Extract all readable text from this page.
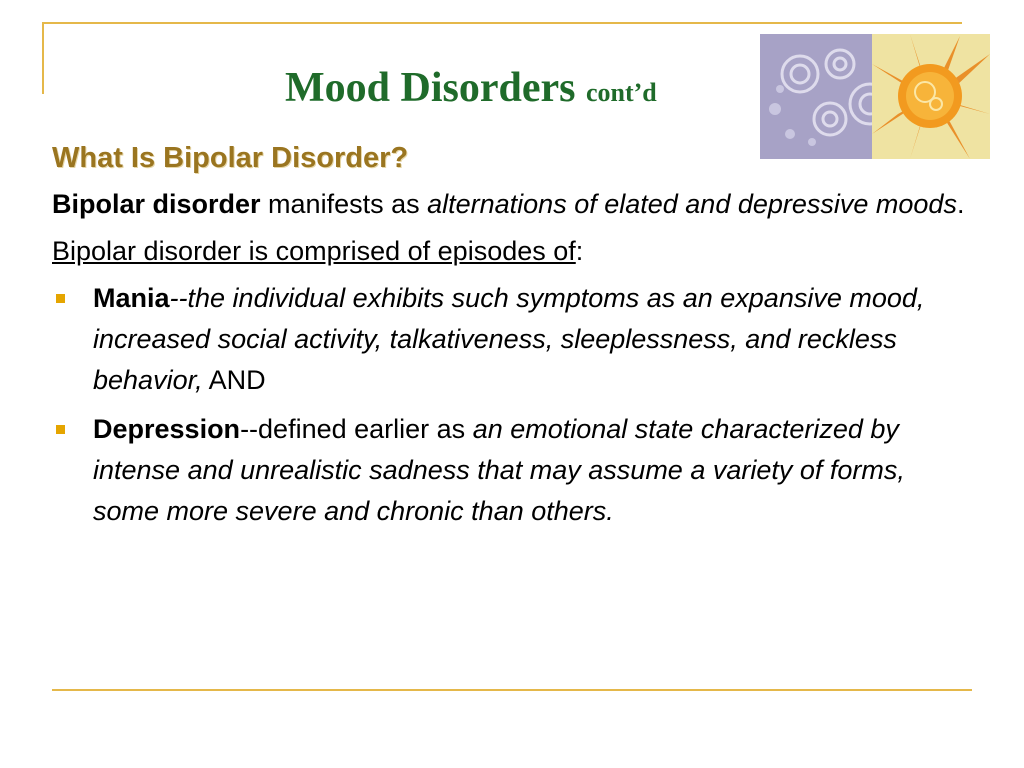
Mood Disorders cont’d
What Is Bipolar Disorder?

Bipolar disorder manifests as alternations of elated and depressive moods.

Bipolar disorder is comprised of episodes of:

Mania--the individual exhibits such symptoms as an expansive mood, increased social activity, talkativeness, sleeplessness, and reckless behavior, AND
Depression--defined earlier as an emotional state characterized by intense and unrealistic sadness that may assume a variety of forms, some more severe and chronic than others.
